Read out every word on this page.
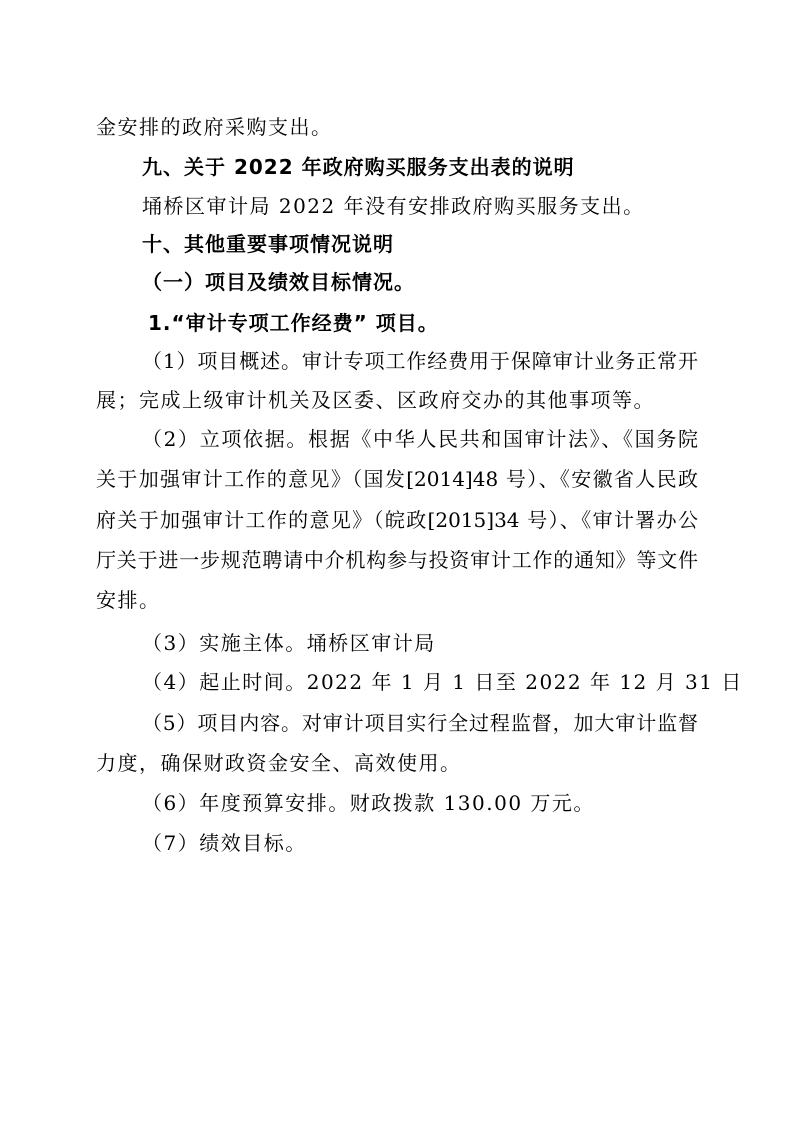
金安排的政府采购支出。
九、关于 2022 年政府购买服务支出表的说明
埇桥区审计局 2022 年没有安排政府购买服务支出。
十、其他重要事项情况说明
（一）项目及绩效目标情况。
1.“审计专项工作经费” 项目。
（1）项目概述。审计专项工作经费用于保障审计业务正常开
展；完成上级审计机关及区委、区政府交办的其他事项等。
（2）立项依据。根据《中华人民共和国审计法》、《国务院
关于加强审计工作的意见》（国发[2014]48 号）、《安徽省人民政
府关于加强审计工作的意见》（皖政[2015]34 号）、《审计署办公
厅关于进一步规范聘请中介机构参与投资审计工作的通知》等文件
安排。
（3）实施主体。埇桥区审计局
（4）起止时间。2022 年 1 月 1 日至 2022 年 12 月 31 日
（5）项目内容。对审计项目实行全过程监督，加大审计监督
力度，确保财政资金安全、高效使用。
（6）年度预算安排。财政拨款 130.00 万元。
（7）绩效目标。
